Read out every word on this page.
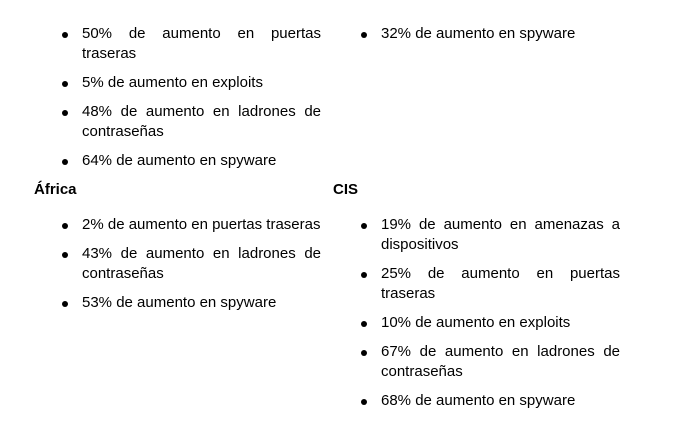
50% de aumento en puertas traseras
5% de aumento en exploits
48% de aumento en ladrones de contraseñas
64% de aumento en spyware
32% de aumento en spyware
África
2% de aumento en puertas traseras
43% de aumento en ladrones de contraseñas
53% de aumento en spyware
CIS
19% de aumento en amenazas a dispositivos
25% de aumento en puertas traseras
10% de aumento en exploits
67% de aumento en ladrones de contraseñas
68% de aumento en spyware
